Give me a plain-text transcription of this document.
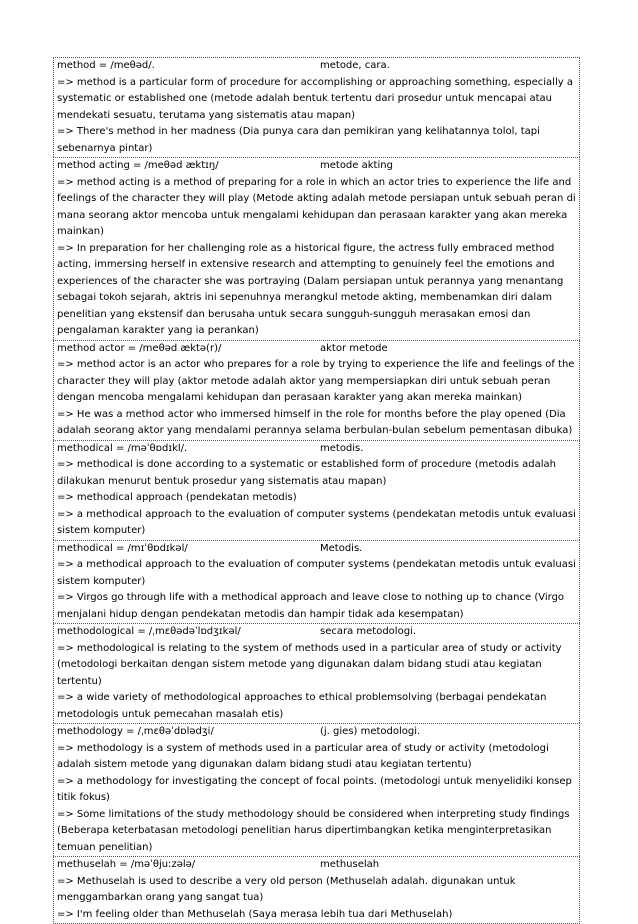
method = /meθəd/.	metode, cara.
=> method is a particular form of procedure for accomplishing or approaching something, especially a systematic or established one (metode adalah bentuk tertentu dari prosedur untuk mencapai atau mendekati sesuatu, terutama yang sistematis atau mapan)
=> There's method in her madness (Dia punya cara dan pemikiran yang kelihatannya tolol, tapi sebenarnya pintar)
method acting = /meθəd æktɪŋ/	metode akting
=> method acting is a method of preparing for a role in which an actor tries to experience the life and feelings of the character they will play (Metode akting adalah metode persiapan untuk sebuah peran di mana seorang aktor mencoba untuk mengalami kehidupan dan perasaan karakter yang akan mereka mainkan)
=> In preparation for her challenging role as a historical figure, the actress fully embraced method acting, immersing herself in extensive research and attempting to genuinely feel the emotions and experiences of the character she was portraying (Dalam persiapan untuk perannya yang menantang sebagai tokoh sejarah, aktris ini sepenuhnya merangkul metode akting, membenamkan diri dalam penelitian yang ekstensif dan berusaha untuk secara sungguh-sungguh merasakan emosi dan pengalaman karakter yang ia perankan)
method actor = /meθəd æktə(r)/	aktor metode
=> method actor is an actor who prepares for a role by trying to experience the life and feelings of the character they will play (aktor metode adalah aktor yang mempersiapkan diri untuk sebuah peran dengan mencoba mengalami kehidupan dan perasaan karakter yang akan mereka mainkan)
=> He was a method actor who immersed himself in the role for months before the play opened (Dia adalah seorang aktor yang mendalami perannya selama berbulan-bulan sebelum pementasan dibuka)
methodical = /məˈθɒdɪkl/.	metodis.
=> methodical is done according to a systematic or established form of procedure (metodis adalah dilakukan menurut bentuk prosedur yang sistematis atau mapan)
=> methodical approach (pendekatan metodis)
=> a methodical approach to the evaluation of computer systems (pendekatan metodis untuk evaluasi sistem komputer)
methodical = /mɪˈθɒdɪkəl/	Metodis.
=> a methodical approach to the evaluation of computer systems (pendekatan metodis untuk evaluasi sistem komputer)
=> Virgos go through life with a methodical approach and leave close to nothing up to chance (Virgo menjalani hidup dengan pendekatan metodis dan hampir tidak ada kesempatan)
methodological = /ˌmɛθədəˈlɒdʒɪkəl/	secara metodologi.
=> methodological is relating to the system of methods used in a particular area of study or activity (metodologi berkaitan dengan sistem metode yang digunakan dalam bidang studi atau kegiatan tertentu)
=> a wide variety of methodological approaches to ethical problemsolving (berbagai pendekatan metodologis untuk pemecahan masalah etis)
methodology = /ˌmɛθəˈdɒlədʒi/	(j. gies) metodologi.
=> methodology is a system of methods used in a particular area of study or activity (metodologi adalah sistem metode yang digunakan dalam bidang studi atau kegiatan tertentu)
=> a methodology for investigating the concept of focal points. (metodologi untuk menyelidiki konsep titik fokus)
=> Some limitations of the study methodology should be considered when interpreting study findings (Beberapa keterbatasan metodologi penelitian harus dipertimbangkan ketika menginterpretasikan temuan penelitian)
methuselah = /məˈθjuːzələ/	methuselah
=> Methuselah is used to describe a very old person (Methuselah adalah. digunakan untuk menggambarkan orang yang sangat tua)
=> I'm feeling older than Methuselah (Saya merasa lebih tua dari Methuselah)
